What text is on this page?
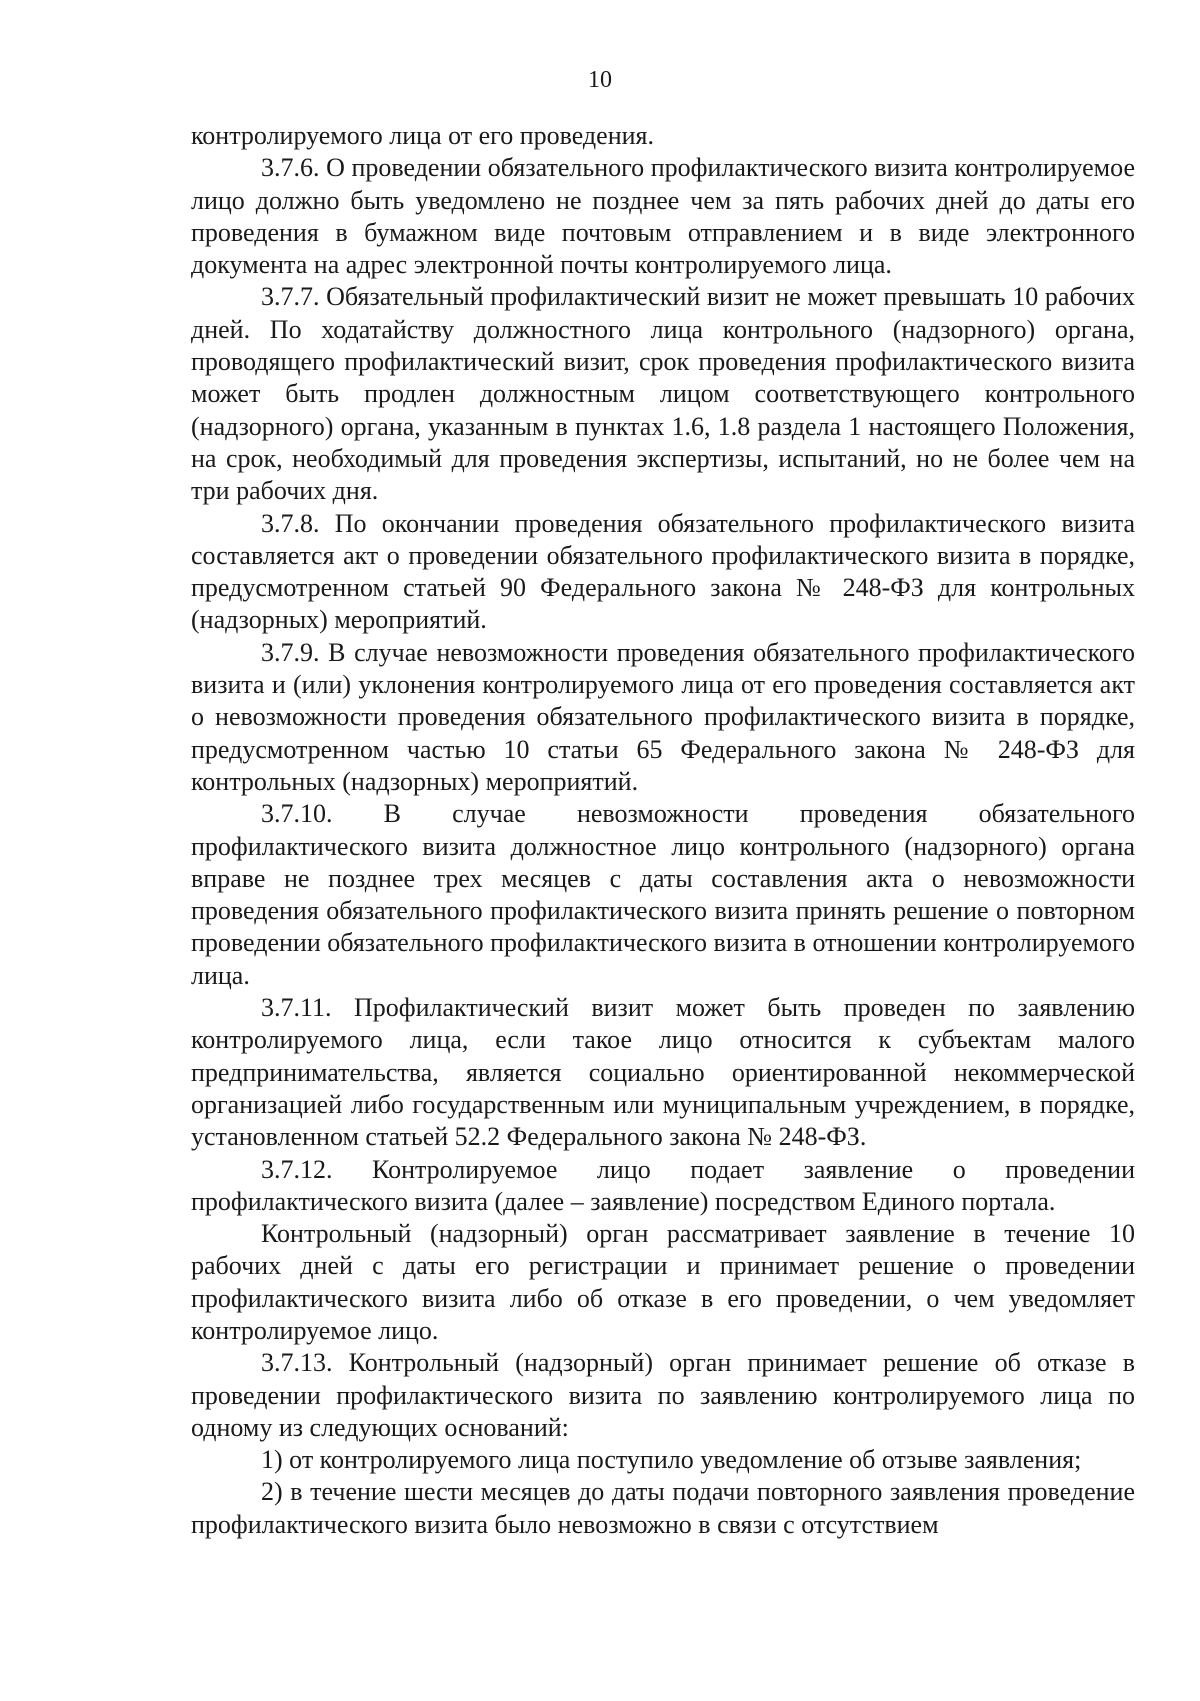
10

контролируемого лица от его проведения.

3.7.6. О проведении обязательного профилактического визита контролируемое лицо должно быть уведомлено не позднее чем за пять рабочих дней до даты его проведения в бумажном виде почтовым отправлением и в виде электронного документа на адрес электронной почты контролируемого лица.

3.7.7. Обязательный профилактический визит не может превышать 10 рабочих дней. По ходатайству должностного лица контрольного (надзорного) органа, проводящего профилактический визит, срок проведения профилактического визита может быть продлен должностным лицом соответствующего контрольного (надзорного) органа, указанным в пунктах 1.6, 1.8 раздела 1 настоящего Положения, на срок, необходимый для проведения экспертизы, испытаний, но не более чем на три рабочих дня.

3.7.8. По окончании проведения обязательного профилактического визита составляется акт о проведении обязательного профилактического визита в порядке, предусмотренном статьей 90 Федерального закона № 248-ФЗ для контрольных (надзорных) мероприятий.

3.7.9. В случае невозможности проведения обязательного профилактического визита и (или) уклонения контролируемого лица от его проведения составляется акт о невозможности проведения обязательного профилактического визита в порядке, предусмотренном частью 10 статьи 65 Федерального закона № 248-ФЗ для контрольных (надзорных) мероприятий.

3.7.10. В случае невозможности проведения обязательного профилактического визита должностное лицо контрольного (надзорного) органа вправе не позднее трех месяцев с даты составления акта о невозможности проведения обязательного профилактического визита принять решение о повторном проведении обязательного профилактического визита в отношении контролируемого лица.

3.7.11. Профилактический визит может быть проведен по заявлению контролируемого лица, если такое лицо относится к субъектам малого предпринимательства, является социально ориентированной некоммерческой организацией либо государственным или муниципальным учреждением, в порядке, установленном статьей 52.2 Федерального закона № 248-ФЗ.

3.7.12. Контролируемое лицо подает заявление о проведении профилактического визита (далее – заявление) посредством Единого портала.

Контрольный (надзорный) орган рассматривает заявление в течение 10 рабочих дней с даты его регистрации и принимает решение о проведении профилактического визита либо об отказе в его проведении, о чем уведомляет контролируемое лицо.

3.7.13. Контрольный (надзорный) орган принимает решение об отказе в проведении профилактического визита по заявлению контролируемого лица по одному из следующих оснований:

1) от контролируемого лица поступило уведомление об отзыве заявления;

2) в течение шести месяцев до даты подачи повторного заявления проведение профилактического визита было невозможно в связи с отсутствием
